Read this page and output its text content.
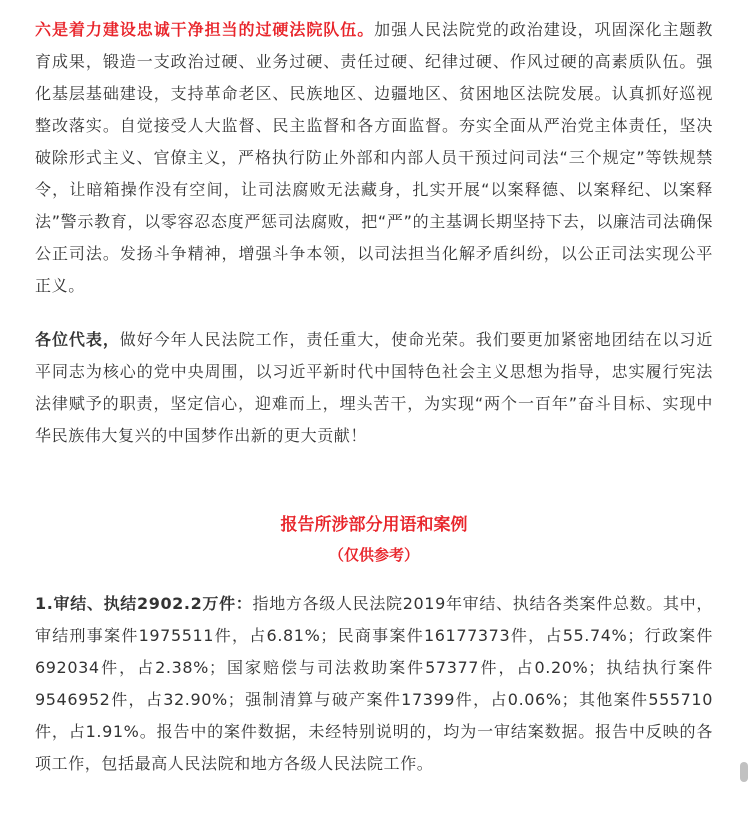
六是着力建设忠诚干净担当的过硬法院队伍。加强人民法院党的政治建设，巩固深化主题教育成果，锻造一支政治过硬、业务过硬、责任过硬、纪律过硬、作风过硬的高素质队伍。强化基层基础建设，支持革命老区、民族地区、边疆地区、贫困地区法院发展。认真抓好巡视整改落实。自觉接受人大监督、民主监督和各方面监督。夯实全面从严治党主体责任，坚决破除形式主义、官僚主义，严格执行防止外部和内部人员干预过问司法“三个规定”等铁规禁令，让暗箱操作没有空间，让司法腐败无法藏身，扎实开展“以案释德、以案释纪、以案释法”警示教育，以零容忍态度严惩司法腐败，把“严”的主基调长期坚持下去，以廉洁司法确保公正司法。发扬斗争精神，增强斗争本领，以司法担当化解矛盾纠纷，以公正司法实现公平正义。

各位代表，做好今年人民法院工作，责任重大，使命光荣。我们要更加紧密地团结在以习近平同志为核心的党中央周围，以习近平新时代中国特色社会主义思想为指导，忠实履行宪法法律赋予的职责，坚定信心，迎难而上，埋头苦干，为实现“两个一百年”奋斗目标、实现中华民族伟大复兴的中国梦作出新的更大贡献！

报告所涉部分用语和案例

（仅供参考）

1.审结、执结2902.2万件：指地方各级人民法院2019年审结、执结各类案件总数。其中，审结刑事案件1975511件，占6.81%；民商事案件16177373件，占55.74%；行政案件692034件，占2.38%；国家赔偿与司法救助案件57377件，占0.20%；执结执行案件9546952件，占32.90%；强制清算与破产案件17399件，占0.06%；其他案件555710件，占1.91%。报告中的案件数据，未经特别说明的，均为一审结案数据。报告中反映的各项工作，包括最高人民法院和地方各级人民法院工作。
